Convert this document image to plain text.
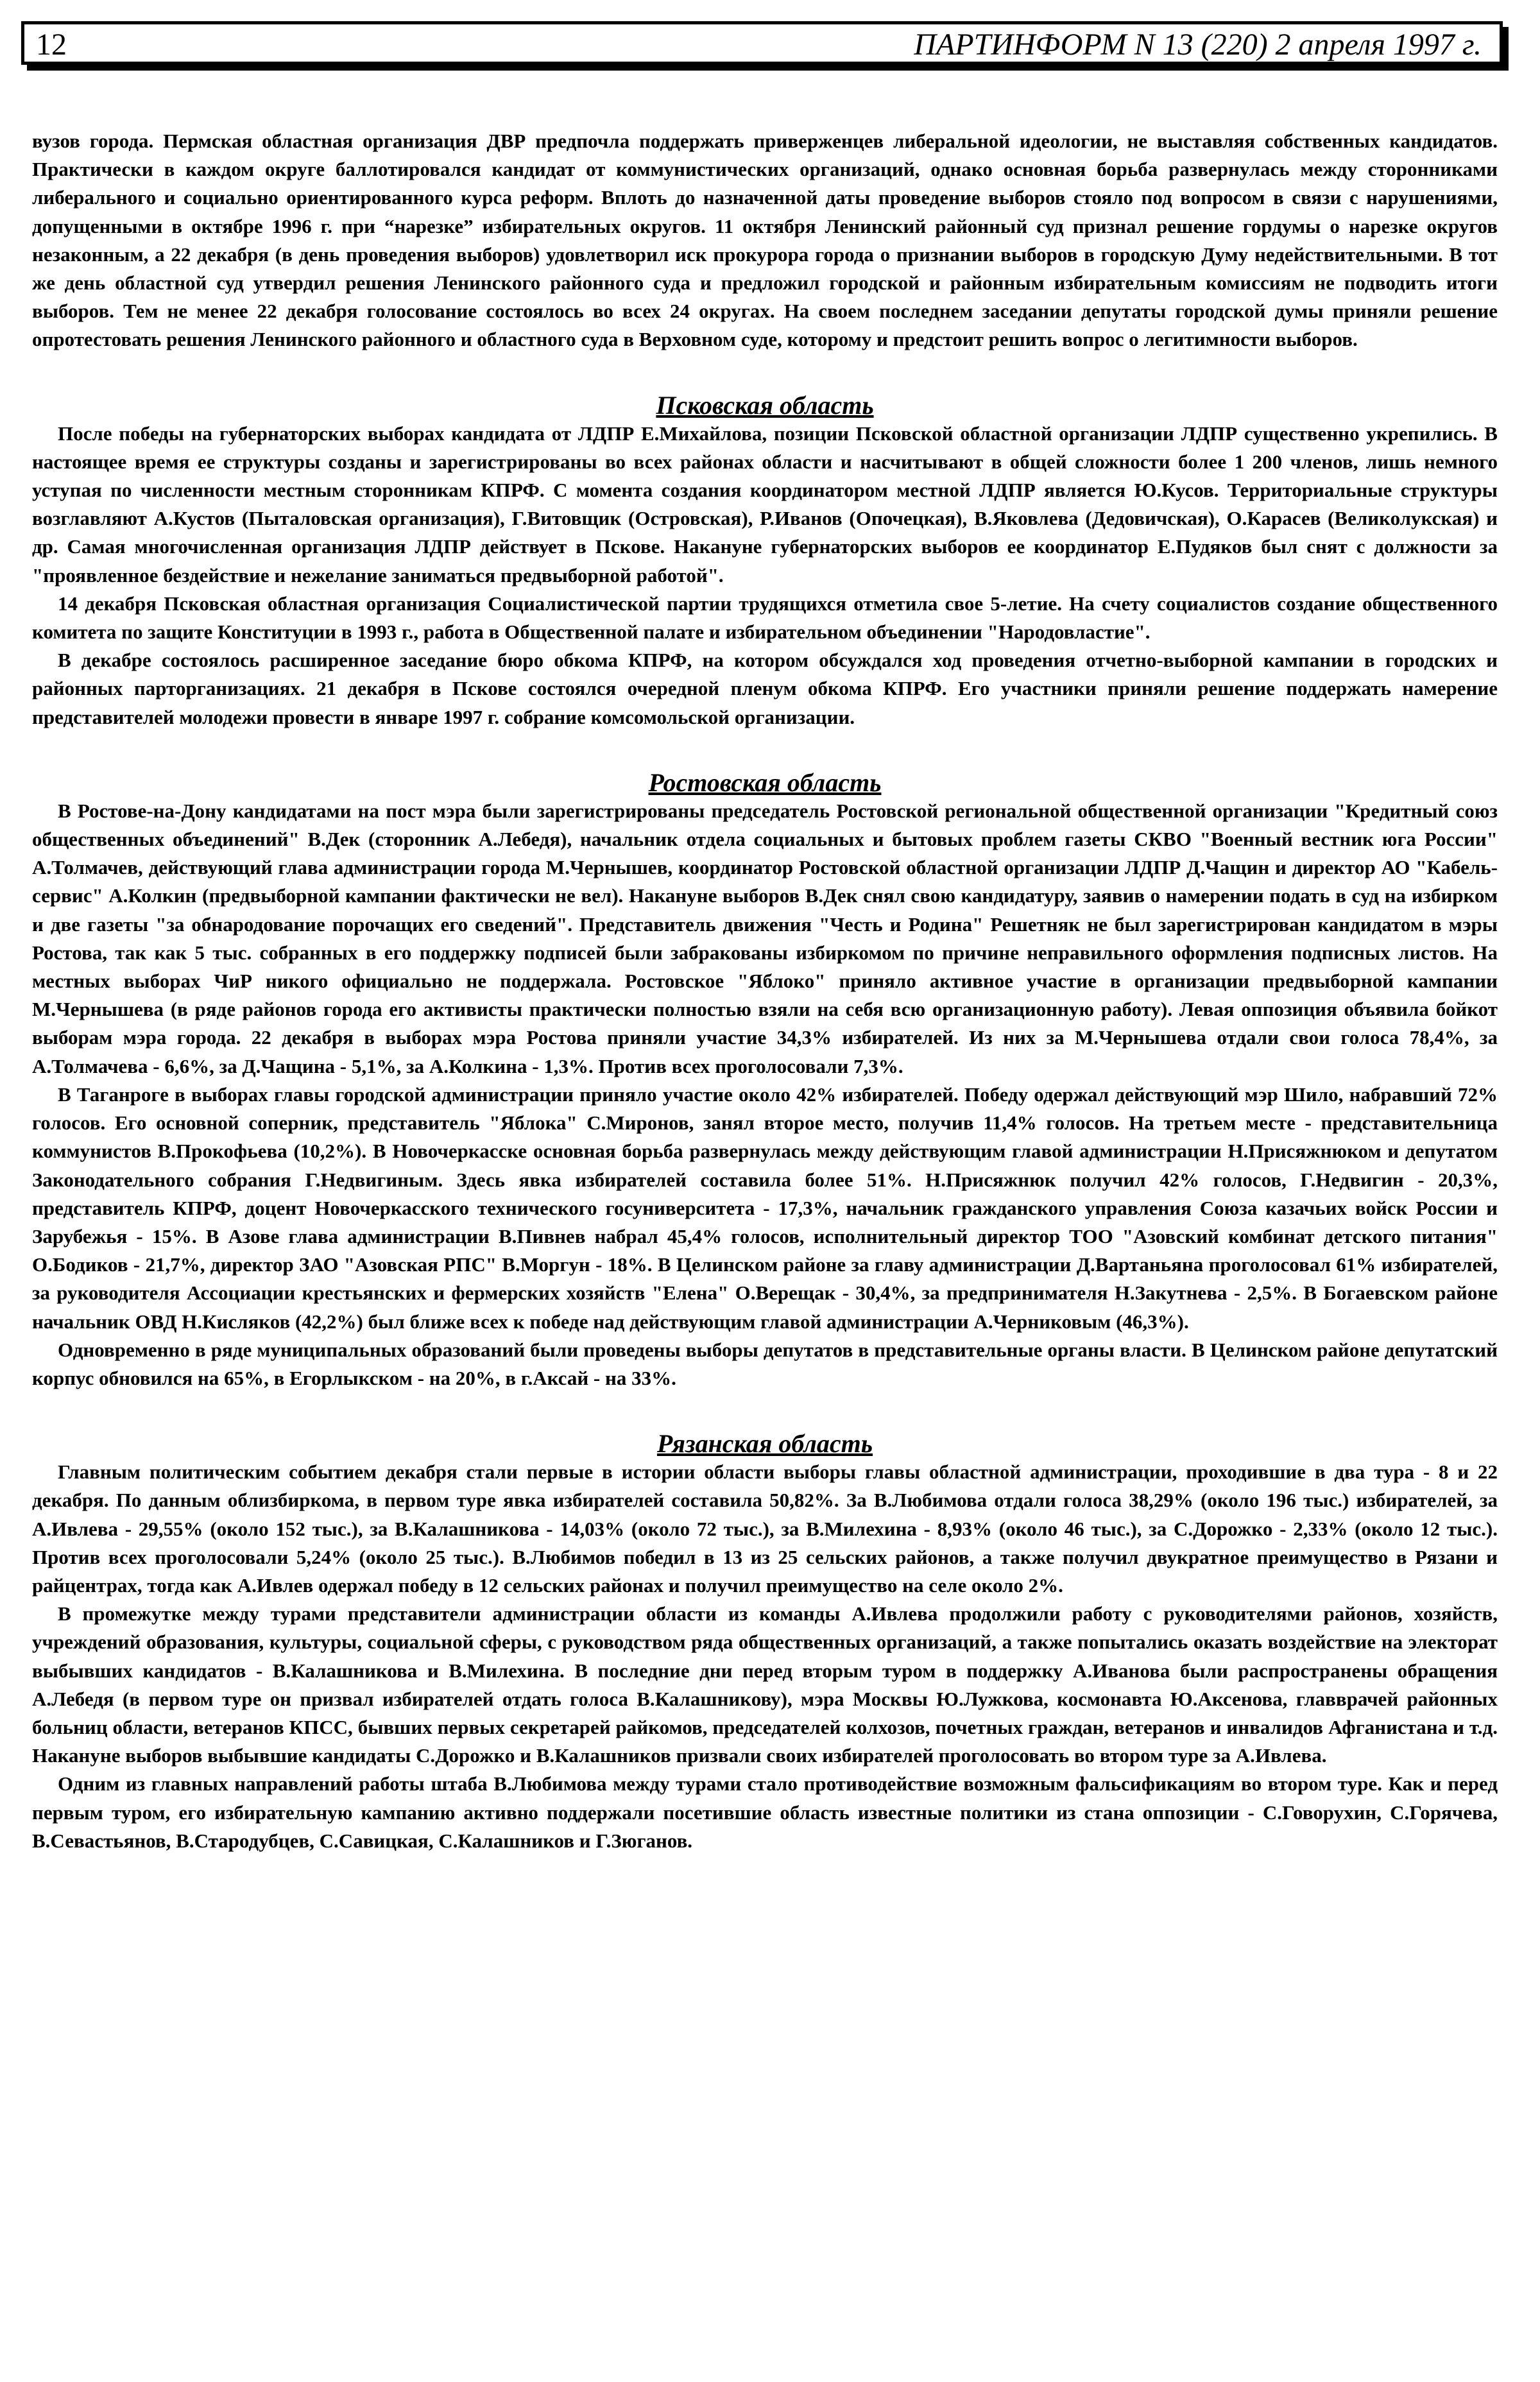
12	ПАРТИНФОРМ N 13 (220) 2 апреля 1997 г.

вузов города. Пермская областная организация ДВР предпочла поддержать приверженцев либеральной идеологии, не выставляя собственных кандидатов. Практически в каждом округе баллотировался кандидат от коммунистических организаций, однако основная борьба развернулась между сторонниками либерального и социально ориентированного курса реформ. Вплоть до назначенной даты проведение выборов стояло под вопросом в связи с нарушениями, допущенными в октябре 1996 г. при “нарезке” избирательных округов. 11 октября Ленинский районный суд признал решение гордумы о нарезке округов незаконным, а 22 декабря (в день проведения выборов) удовлетворил иск прокурора города о признании выборов в городскую Думу недействительными. В тот же день областной суд утвердил решения Ленинского районного суда и предложил городской и районным избирательным комиссиям не подводить итоги выборов. Тем не менее 22 декабря голосование состоялось во всех 24 округах. На своем последнем заседании депутаты городской думы приняли решение опротестовать решения Ленинского районного и областного суда в Верховном суде, которому и предстоит решить вопрос о легитимности выборов.

Псковская область

После победы на губернаторских выборах кандидата от ЛДПР Е.Михайлова, позиции Псковской областной организации ЛДПР существенно укрепились. В настоящее время ее структуры созданы и зарегистрированы во всех районах области и насчитывают в общей сложности более 1 200 членов, лишь немного уступая по численности местным сторонникам КПРФ. С момента создания координатором местной ЛДПР является Ю.Кусов. Территориальные структуры возглавляют А.Кустов (Пыталовская организация), Г.Витовщик (Островская), Р.Иванов (Опочецкая), В.Яковлева (Дедовичская), О.Карасев (Великолукская) и др. Самая многочисленная организация ЛДПР действует в Пскове. Накануне губернаторских выборов ее координатор Е.Пудяков был снят с должности за "проявленное бездействие и нежелание заниматься предвыборной работой".

14 декабря Псковская областная организация Социалистической партии трудящихся отметила свое 5-летие. На счету социалистов создание общественного комитета по защите Конституции в 1993 г., работа в Общественной палате и избирательном объединении "Народовластие".

В декабре состоялось расширенное заседание бюро обкома КПРФ, на котором обсуждался ход проведения отчетно-выборной кампании в городских и районных парторганизациях. 21 декабря в Пскове состоялся очередной пленум обкома КПРФ. Его участники приняли решение поддержать намерение представителей молодежи провести в январе 1997 г. собрание комсомольской организации.

Ростовская область

В Ростове-на-Дону кандидатами на пост мэра были зарегистрированы председатель Ростовской региональной общественной организации "Кредитный союз общественных объединений" В.Дек (сторонник А.Лебедя), начальник отдела социальных и бытовых проблем газеты СКВО "Военный вестник юга России" А.Толмачев, действующий глава администрации города М.Чернышев, координатор Ростовской областной организации ЛДПР Д.Чащин и директор АО "Кабель-сервис" А.Колкин (предвыборной кампании фактически не вел). Накануне выборов В.Дек снял свою кандидатуру, заявив о намерении подать в суд на избирком и две газеты "за обнародование порочащих его сведений". Представитель движения "Честь и Родина" Решетняк не был зарегистрирован кандидатом в мэры Ростова, так как 5 тыс. собранных в его поддержку подписей были забракованы избиркомом по причине неправильного оформления подписных листов. На местных выборах ЧиР никого официально не поддержала. Ростовское "Яблоко" приняло активное участие в организации предвыборной кампании М.Чернышева (в ряде районов города его активисты практически полностью взяли на себя всю организационную работу). Левая оппозиция объявила бойкот выборам мэра города. 22 декабря в выборах мэра Ростова приняли участие 34,3% избирателей. Из них за М.Чернышева отдали свои голоса 78,4%, за А.Толмачева - 6,6%, за Д.Чащина - 5,1%, за А.Колкина - 1,3%. Против всех проголосовали 7,3%.

В Таганроге в выборах главы городской администрации приняло участие около 42% избирателей. Победу одержал действующий мэр Шило, набравший 72% голосов. Его основной соперник, представитель "Яблока" С.Миронов, занял второе место, получив 11,4% голосов. На третьем месте - представительница коммунистов В.Прокофьева (10,2%). В Новочеркасске основная борьба развернулась между действующим главой администрации Н.Присяжнюком и депутатом Законодательного собрания Г.Недвигиным. Здесь явка избирателей составила более 51%. Н.Присяжнюк получил 42% голосов, Г.Недвигин - 20,3%, представитель КПРФ, доцент Новочеркасского технического госуниверситета - 17,3%, начальник гражданского управления Союза казачьих войск России и Зарубежья - 15%. В Азове глава администрации В.Пивнев набрал 45,4% голосов, исполнительный директор ТОО "Азовский комбинат детского питания" О.Бодиков - 21,7%, директор ЗАО "Азовская РПС" В.Моргун - 18%. В Целинском районе за главу администрации Д.Вартаньяна проголосовал 61% избирателей, за руководителя Ассоциации крестьянских и фермерских хозяйств "Елена" О.Верещак - 30,4%, за предпринимателя Н.Закутнева - 2,5%. В Богаевском районе начальник ОВД Н.Кисляков (42,2%) был ближе всех к победе над действующим главой администрации А.Черниковым (46,3%).

Одновременно в ряде муниципальных образований были проведены выборы депутатов в представительные органы власти. В Целинском районе депутатский корпус обновился на 65%, в Егорлыкском - на 20%, в г.Аксай - на 33%.

Рязанская область

Главным политическим событием декабря стали первые в истории области выборы главы областной администрации, проходившие в два тура - 8 и 22 декабря. По данным облизбиркома, в первом туре явка избирателей составила 50,82%. За В.Любимова отдали голоса 38,29% (около 196 тыс.) избирателей, за А.Ивлева - 29,55% (около 152 тыс.), за В.Калашникова - 14,03% (около 72 тыс.), за В.Милехина - 8,93% (около 46 тыс.), за С.Дорожко - 2,33% (около 12 тыс.). Против всех проголосовали 5,24% (около 25 тыс.). В.Любимов победил в 13 из 25 сельских районов, а также получил двукратное преимущество в Рязани и райцентрах, тогда как А.Ивлев одержал победу в 12 сельских районах и получил преимущество на селе около 2%.

В промежутке между турами представители администрации области из команды А.Ивлева продолжили работу с руководителями районов, хозяйств, учреждений образования, культуры, социальной сферы, с руководством ряда общественных организаций, а также попытались оказать воздействие на электорат выбывших кандидатов - В.Калашникова и В.Милехина. В последние дни перед вторым туром в поддержку А.Иванова были распространены обращения А.Лебедя (в первом туре он призвал избирателей отдать голоса В.Калашникову), мэра Москвы Ю.Лужкова, космонавта Ю.Аксенова, главврачей районных больниц области, ветеранов КПСС, бывших первых секретарей райкомов, председателей колхозов, почетных граждан, ветеранов и инвалидов Афганистана и т.д. Накануне выборов выбывшие кандидаты С.Дорожко и В.Калашников призвали своих избирателей проголосовать во втором туре за А.Ивлева.

Одним из главных направлений работы штаба В.Любимова между турами стало противодействие возможным фальсификациям во втором туре. Как и перед первым туром, его избирательную кампанию активно поддержали посетившие область известные политики из стана оппозиции - С.Говорухин, С.Горячева, В.Севастьянов, В.Стародубцев, С.Савицкая, С.Калашников и Г.Зюганов.
